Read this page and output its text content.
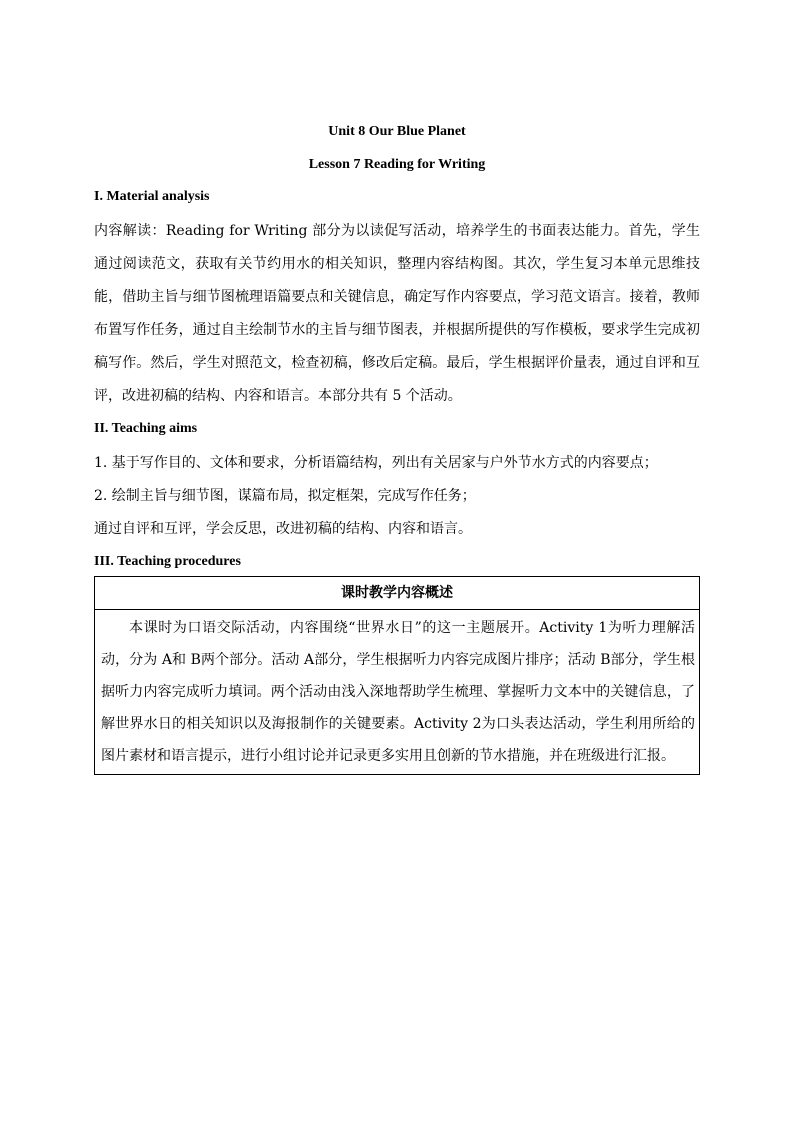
Unit 8 Our Blue Planet

Lesson 7 Reading for Writing

I. Material analysis

内容解读：Reading for Writing 部分为以读促写活动，培养学生的书面表达能力。首先，学生通过阅读范文，获取有关节约用水的相关知识，整理内容结构图。其次，学生复习本单元思维技能，借助主旨与细节图梳理语篇要点和关键信息，确定写作内容要点，学习范文语言。接着，教师布置写作任务，通过自主绘制节水的主旨与细节图表，并根据所提供的写作模板，要求学生完成初稿写作。然后，学生对照范文，检查初稿，修改后定稿。最后，学生根据评价量表，通过自评和互评，改进初稿的结构、内容和语言。本部分共有 5 个活动。

II. Teaching aims

1. 基于写作目的、文体和要求，分析语篇结构，列出有关居家与户外节水方式的内容要点；

2. 绘制主旨与细节图，谋篇布局，拟定框架，完成写作任务；

通过自评和互评，学会反思，改进初稿的结构、内容和语言。

III. Teaching procedures

课时教学内容概述
本课时为口语交际活动，内容围绕“世界水日”的这一主题展开。Activity 1为听力理解活动，分为 A和 B两个部分。活动 A部分，学生根据听力内容完成图片排序；活动 B部分，学生根据听力内容完成听力填词。两个活动由浅入深地帮助学生梳理、掌握听力文本中的关键信息，了解世界水日的相关知识以及海报制作的关键要素。Activity 2为口头表达活动，学生利用所给的图片素材和语言提示，进行小组讨论并记录更多实用且创新的节水措施，并在班级进行汇报。
